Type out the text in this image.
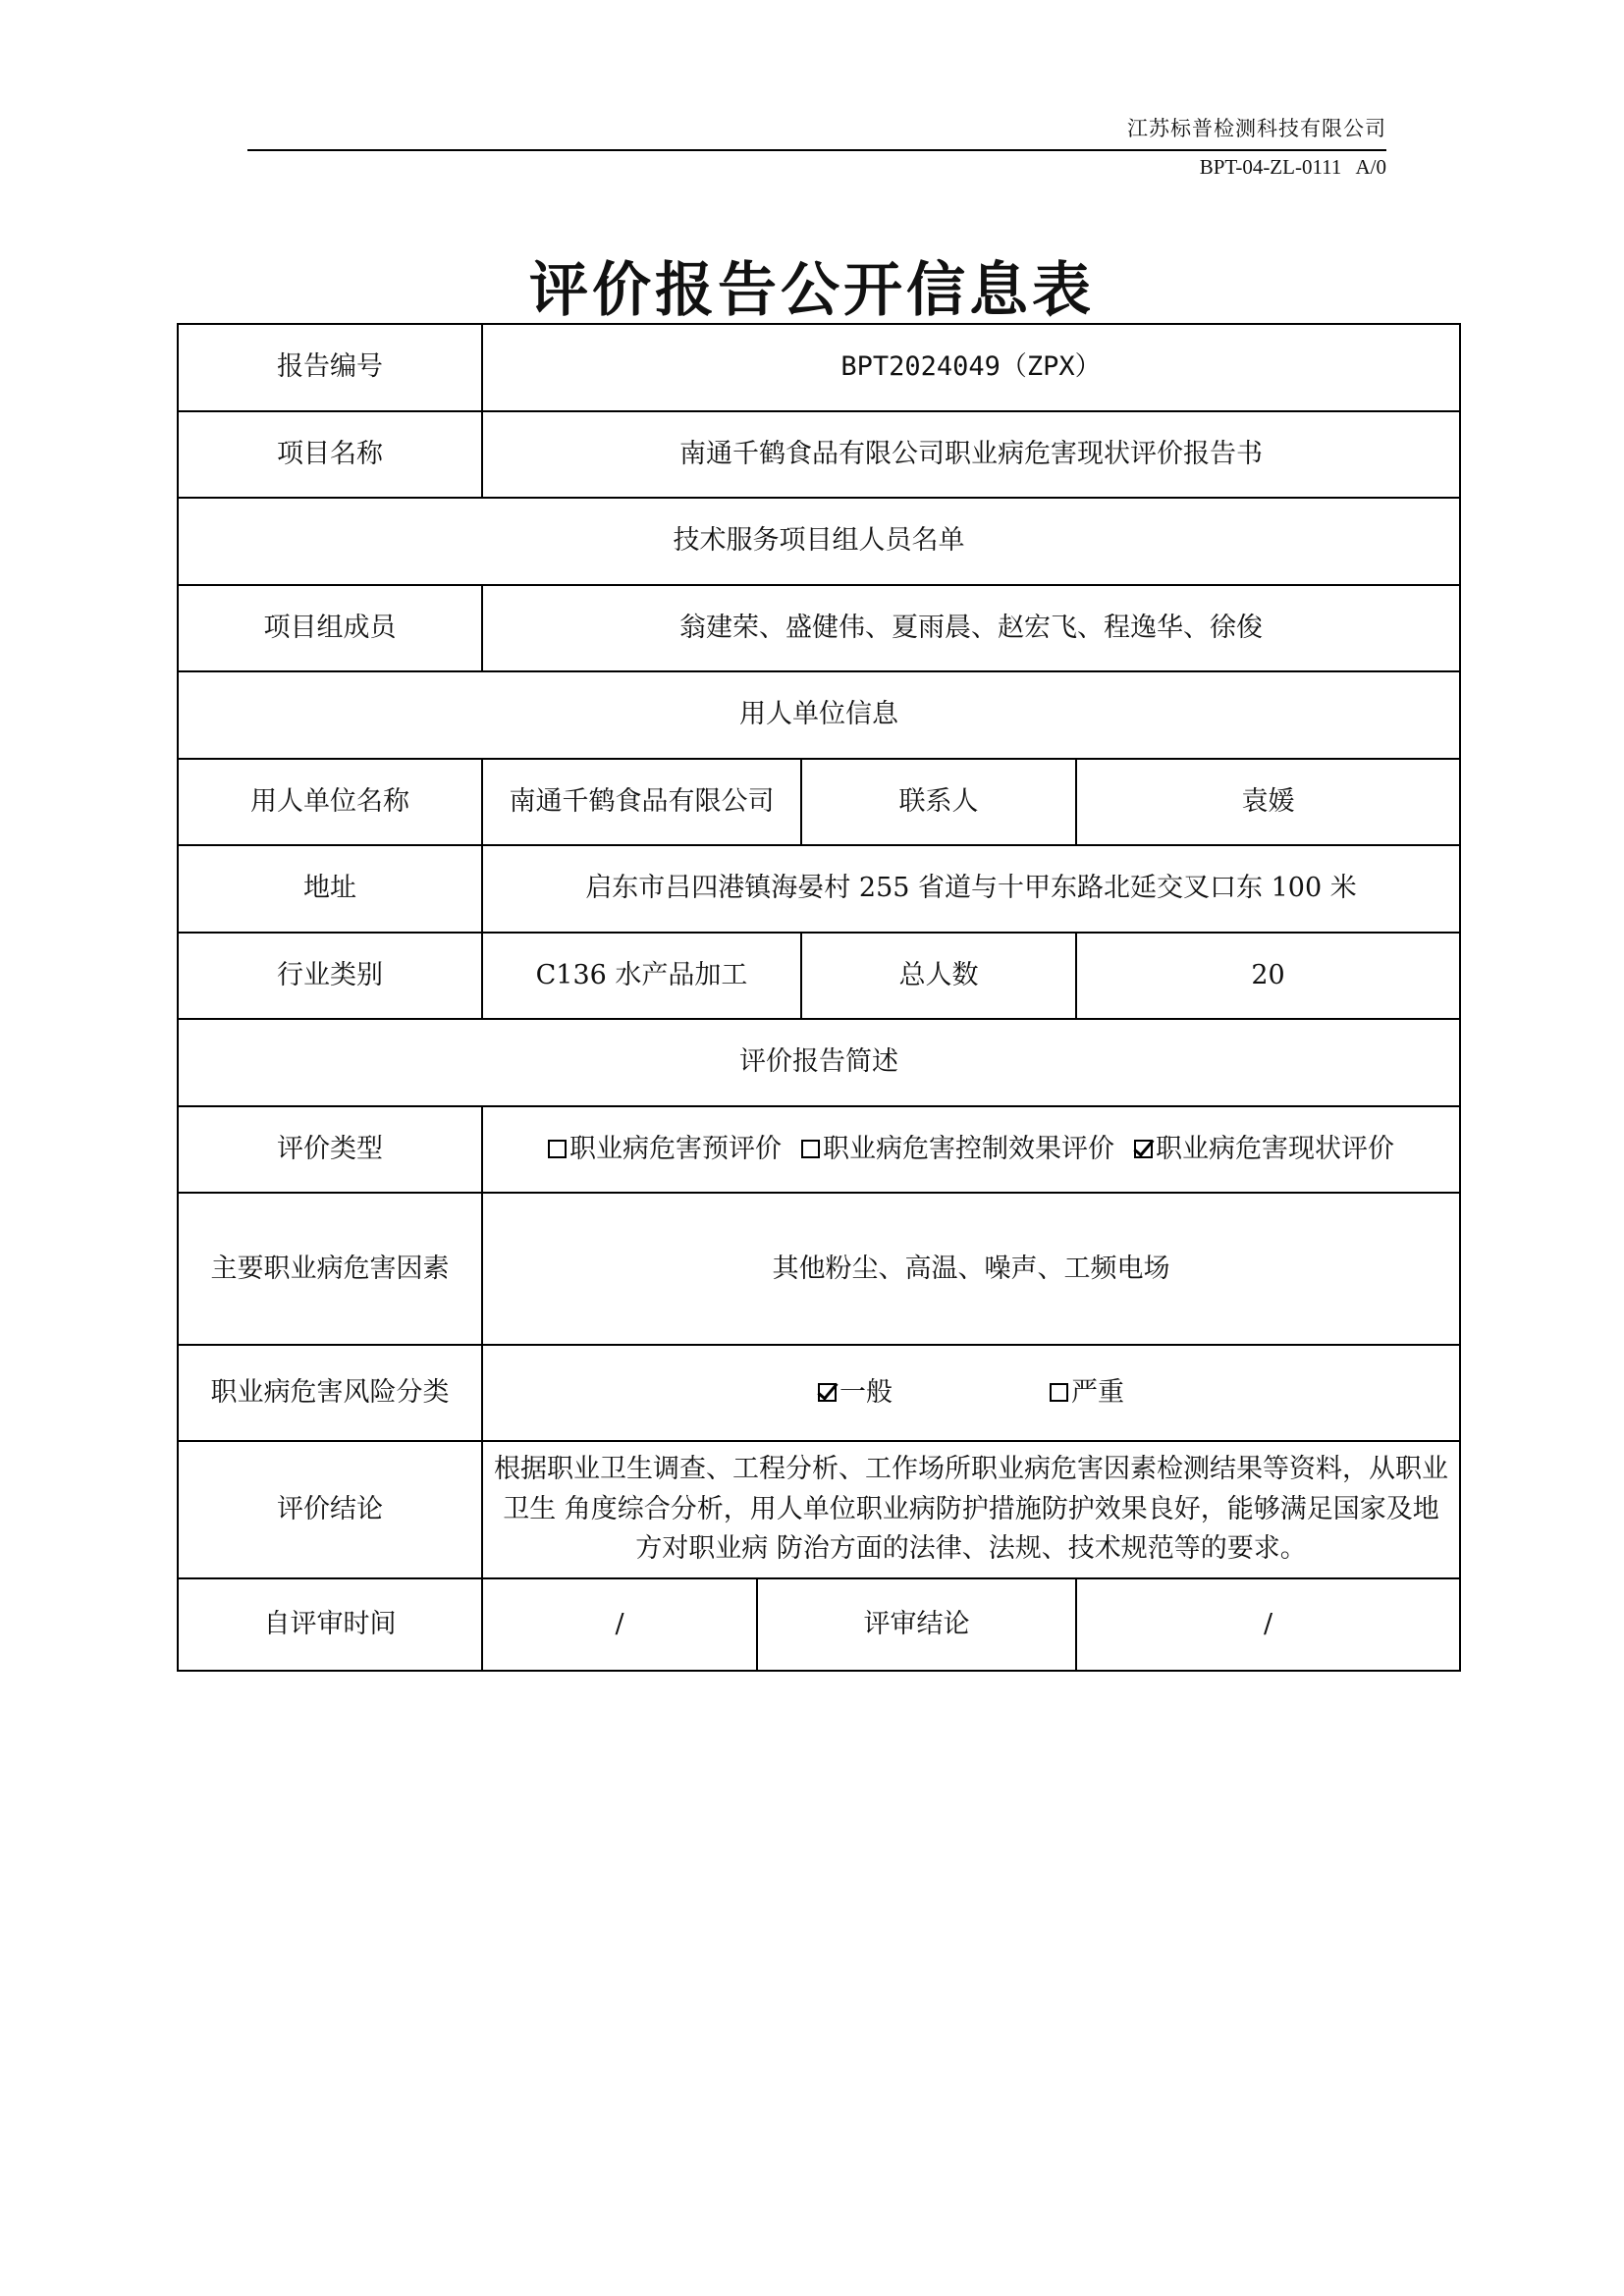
江苏标普检测科技有限公司
BPT-04-ZL-0111 A/0
评价报告公开信息表
报告编号	BPT2024049（ZPX）			
项目名称	南通千鹤食品有限公司职业病危害现状评价报告书			
技术服务项目组人员名单				
项目组成员	翁建荣、盛健伟、夏雨晨、赵宏飞、程逸华、徐俊			
用人单位信息				
用人单位名称	南通千鹤食品有限公司		联系人	袁媛
地址	启东市吕四港镇海晏村 255 省道与十甲东路北延交叉口东 100 米			
行业类别	C136 水产品加工		总人数	20
评价报告简述				
评价类型	职业病危害预评价 职业病危害控制效果评价 职业病危害现状评价			
主要职业病危害因素	其他粉尘、高温、噪声、工频电场			
职业病危害风险分类	一般 严重			
评价结论	根据职业卫生调查、工程分析、工作场所职业病危害因素检测结果等资料，从职业卫生 角度综合分析，用人单位职业病防护措施防护效果良好，能够满足国家及地方对职业病 防治方面的法律、法规、技术规范等的要求。			
自评审时间	/	评审结论		/
